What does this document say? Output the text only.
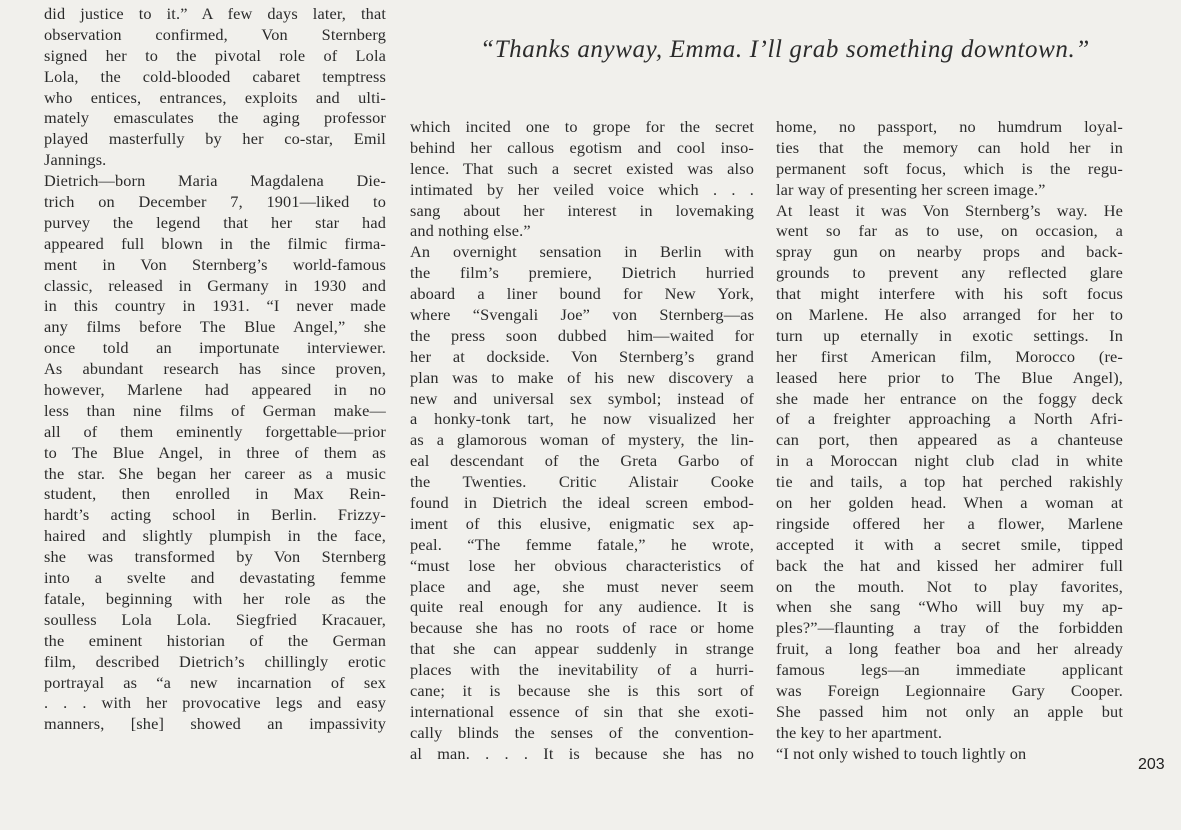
“Thanks anyway, Emma. I’ll grab something downtown.”
did justice to it.” A few days later, that
observation confirmed, Von Sternberg
signed her to the pivotal role of Lola
Lola, the cold-blooded cabaret temptress
who entices, entrances, exploits and ulti-
mately emasculates the aging professor
played masterfully by her co-star, Emil
Jannings.
Dietrich—born Maria Magdalena Die-
trich on December 7, 1901—liked to
purvey the legend that her star had
appeared full blown in the filmic firma-
ment in Von Sternberg’s world-famous
classic, released in Germany in 1930 and
in this country in 1931. “I never made
any films before The Blue Angel,” she
once told an importunate interviewer.
As abundant research has since proven,
however, Marlene had appeared in no
less than nine films of German make—
all of them eminently forgettable—prior
to The Blue Angel, in three of them as
the star. She began her career as a music
student, then enrolled in Max Rein-
hardt’s acting school in Berlin. Frizzy-
haired and slightly plumpish in the face,
she was transformed by Von Sternberg
into a svelte and devastating femme
fatale, beginning with her role as the
soulless Lola Lola. Siegfried Kracauer,
the eminent historian of the German
film, described Dietrich’s chillingly erotic
portrayal as “a new incarnation of sex
. . . with her provocative legs and easy
manners, [she] showed an impassivity
which incited one to grope for the secret
behind her callous egotism and cool inso-
lence. That such a secret existed was also
intimated by her veiled voice which . . .
sang about her interest in lovemaking
and nothing else.”
An overnight sensation in Berlin with
the film’s premiere, Dietrich hurried
aboard a liner bound for New York,
where “Svengali Joe” von Sternberg—as
the press soon dubbed him—waited for
her at dockside. Von Sternberg’s grand
plan was to make of his new discovery a
new and universal sex symbol; instead of
a honky-tonk tart, he now visualized her
as a glamorous woman of mystery, the lin-
eal descendant of the Greta Garbo of
the Twenties. Critic Alistair Cooke
found in Dietrich the ideal screen embod-
iment of this elusive, enigmatic sex ap-
peal. “The femme fatale,” he wrote,
“must lose her obvious characteristics of
place and age, she must never seem
quite real enough for any audience. It is
because she has no roots of race or home
that she can appear suddenly in strange
places with the inevitability of a hurri-
cane; it is because she is this sort of
international essence of sin that she exoti-
cally blinds the senses of the convention-
al man. . . . It is because she has no
home, no passport, no humdrum loyal-
ties that the memory can hold her in
permanent soft focus, which is the regu-
lar way of presenting her screen image.”
At least it was Von Sternberg’s way. He
went so far as to use, on occasion, a
spray gun on nearby props and back-
grounds to prevent any reflected glare
that might interfere with his soft focus
on Marlene. He also arranged for her to
turn up eternally in exotic settings. In
her first American film, Morocco (re-
leased here prior to The Blue Angel),
she made her entrance on the foggy deck
of a freighter approaching a North Afri-
can port, then appeared as a chanteuse
in a Moroccan night club clad in white
tie and tails, a top hat perched rakishly
on her golden head. When a woman at
ringside offered her a flower, Marlene
accepted it with a secret smile, tipped
back the hat and kissed her admirer full
on the mouth. Not to play favorites,
when she sang “Who will buy my ap-
ples?”—flaunting a tray of the forbidden
fruit, a long feather boa and her already
famous legs—an immediate applicant
was Foreign Legionnaire Gary Cooper.
She passed him not only an apple but
the key to her apartment.
“I not only wished to touch lightly on
203
